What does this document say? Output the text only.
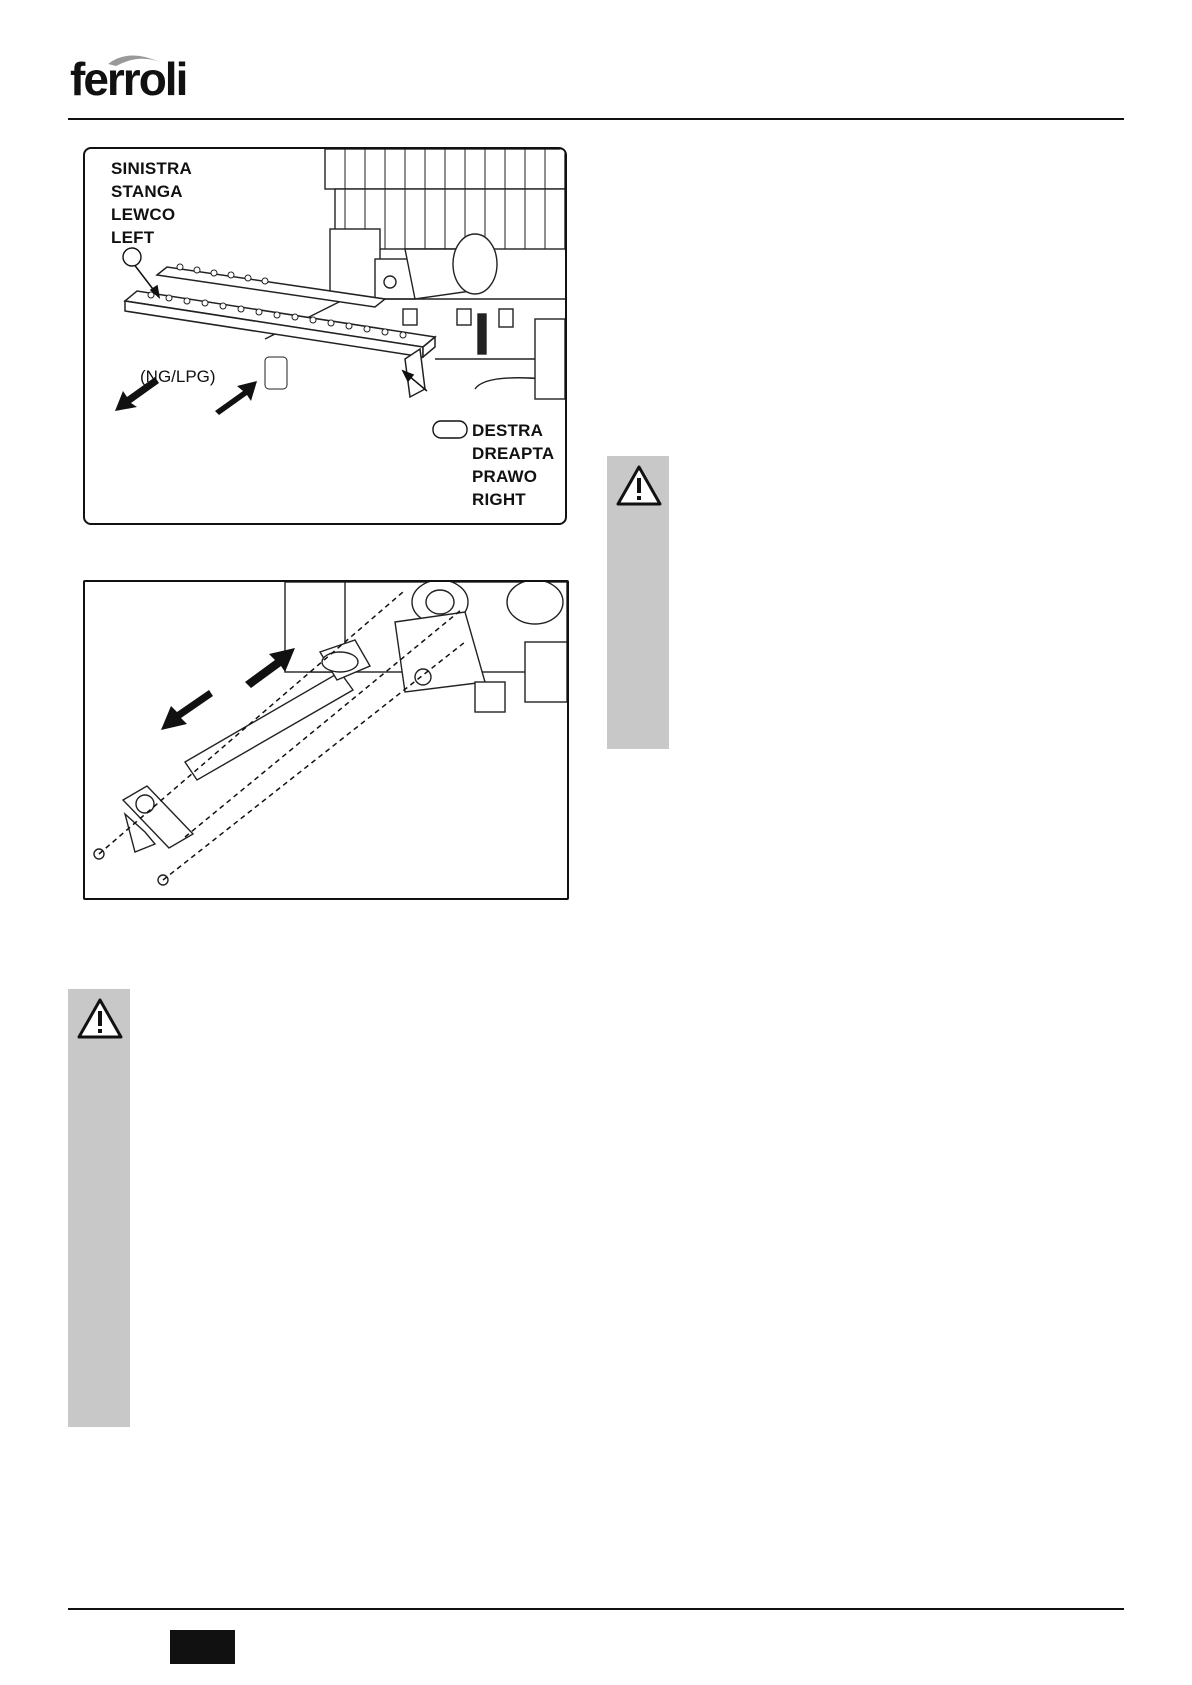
ferroli
SINISTRA
STANGA
LEWCO
LEFT
DESTRA
DREAPTA
PRAWO
RIGHT
(NG/LPG)
